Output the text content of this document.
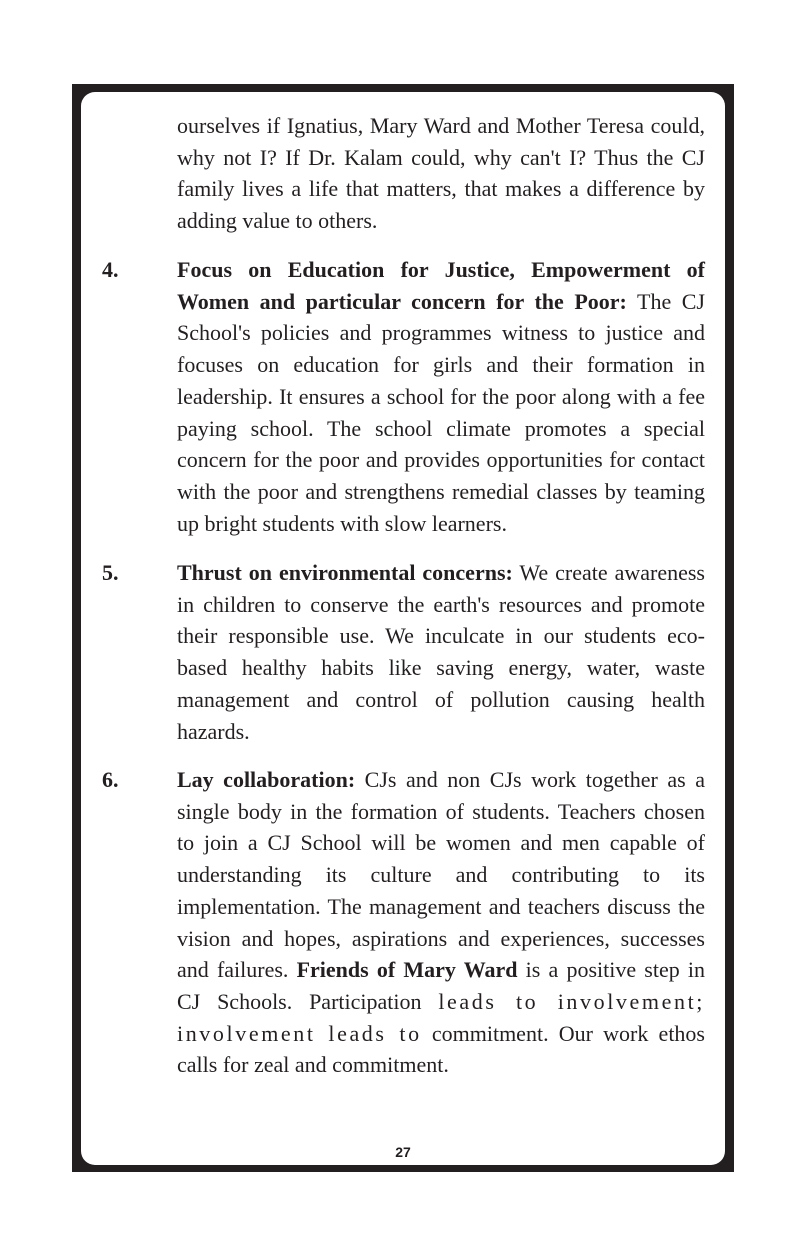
ourselves if Ignatius, Mary Ward and Mother Teresa could, why not I? If Dr. Kalam could, why can't I? Thus the CJ family lives a life that matters, that makes a difference by adding value to others.

4.	Focus on Education for Justice, Empowerment of Women and particular concern for the Poor: The CJ School's policies and programmes witness to justice and focuses on education for girls and their formation in leadership. It ensures a school for the poor along with a fee paying school. The school climate promotes a special concern for the poor and provides opportunities for contact with the poor and strengthens remedial classes by teaming up bright students with slow learners.

5.	Thrust on environmental concerns: We create awareness in children to conserve the earth's resources and promote their responsible use. We inculcate in our students eco-based healthy habits like saving energy, water, waste management and control of pollution causing health hazards.

6.	Lay collaboration: CJs and non CJs work together as a single body in the formation of students. Teachers chosen to join a CJ School will be women and men capable of understanding its culture and contributing to its implementation. The management and teachers discuss the vision and hopes, aspirations and experiences, successes and failures. Friends of Mary Ward is a positive step in CJ Schools. Participation leads to involvement; involvement leads to commitment. Our work ethos calls for zeal and commitment.

27
